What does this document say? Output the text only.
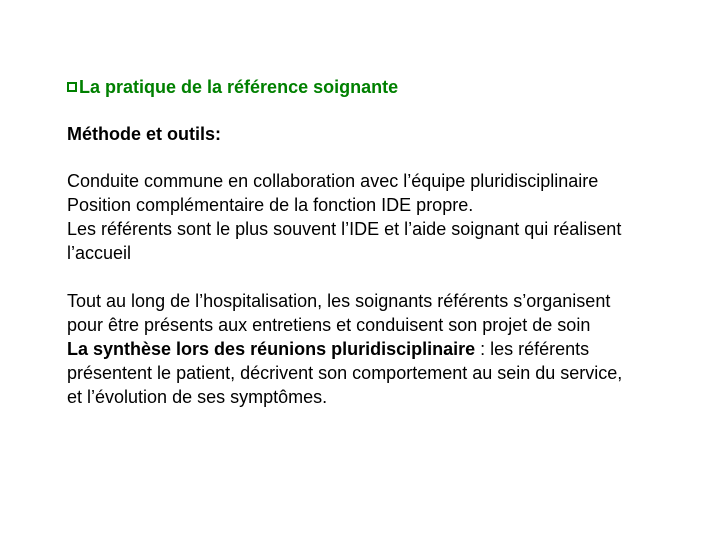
La pratique de la référence soignante
Méthode et outils:

Conduite commune en collaboration avec l’équipe pluridisciplinaire
Position complémentaire de la fonction IDE propre.
Les référents sont le plus souvent l’IDE et l’aide soignant qui réalisent
l’accueil

Tout au long de l’hospitalisation, les soignants référents s’organisent
pour être présents aux entretiens et conduisent son projet de soin
La synthèse lors des réunions pluridisciplinaire : les référents
présentent le patient, décrivent son comportement au sein du service,
et l’évolution de ses symptômes.
